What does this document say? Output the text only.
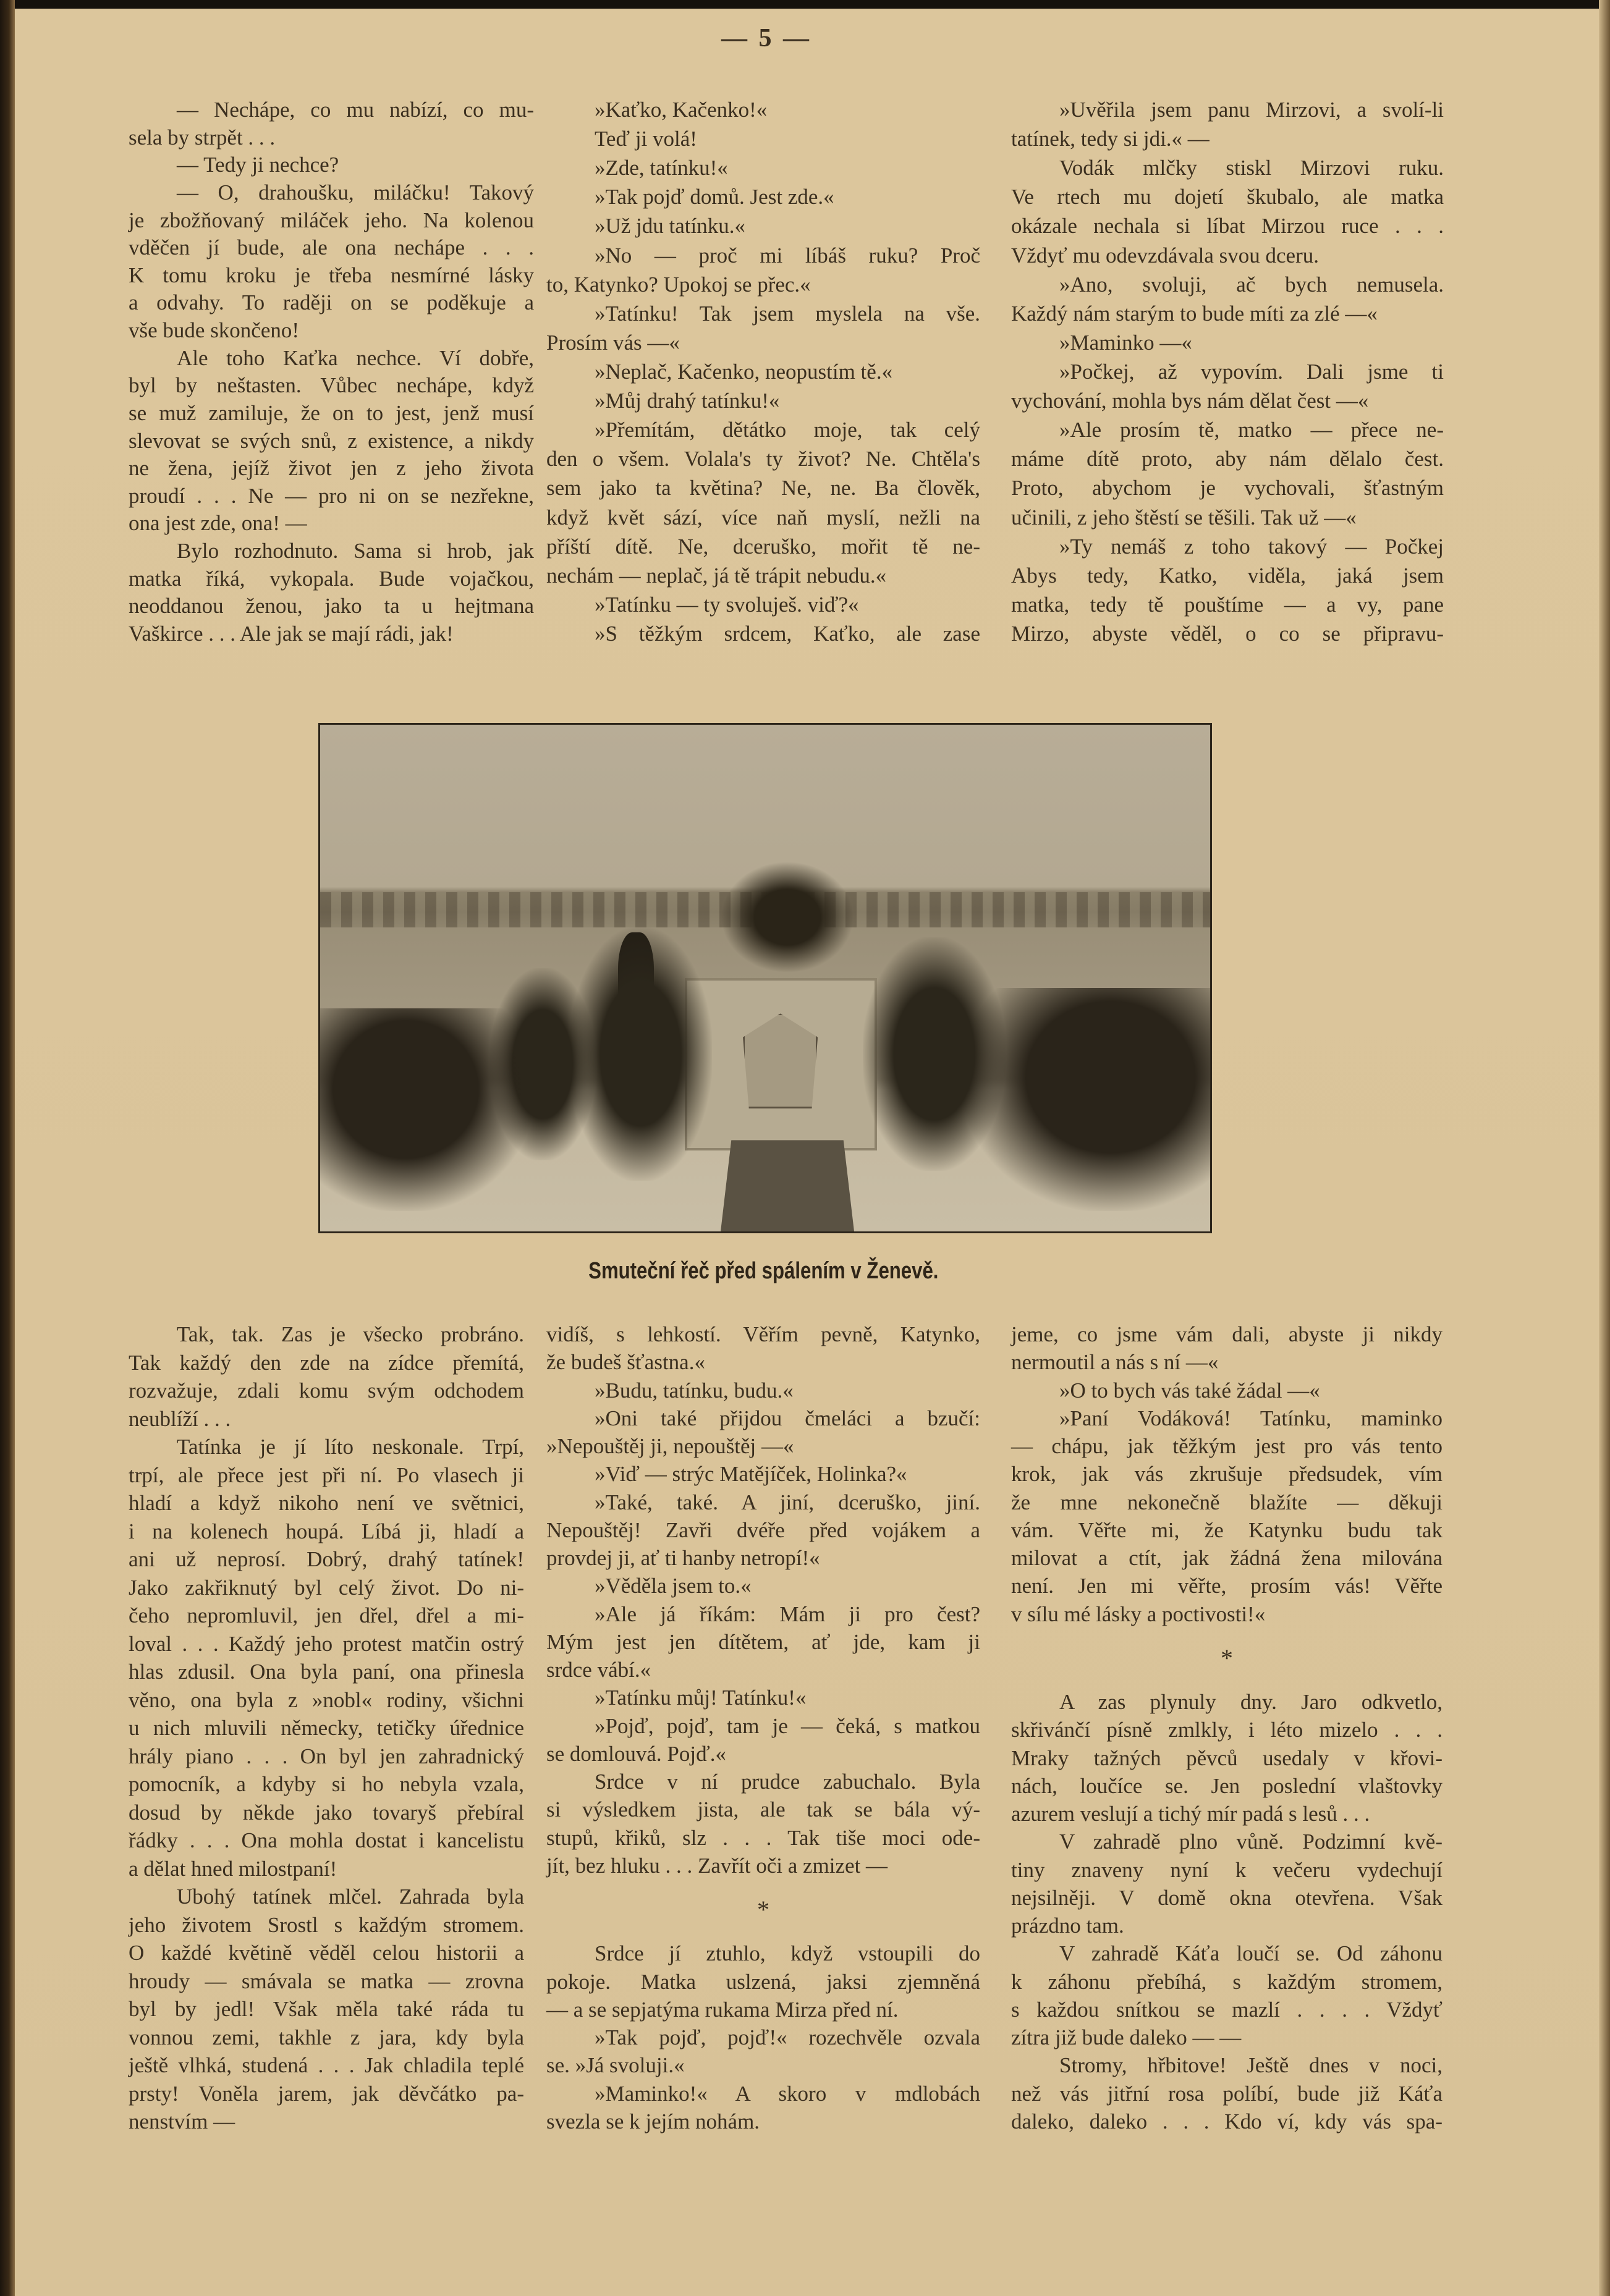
— 5 —
— Nechápe, co mu nabízí, co mu-
sela by strpět . . .
— Tedy ji nechce?
— O, drahoušku, miláčku! Takový
je zbožňovaný miláček jeho. Na kolenou
vděčen jí bude, ale ona nechápe . . .
K tomu kroku je třeba nesmírné lásky
a odvahy. To raději on se poděkuje a
vše bude skončeno!
Ale toho Kaťka nechce. Ví dobře,
byl by neštasten. Vůbec nechápe, když
se muž zamiluje, že on to jest, jenž musí
slevovat se svých snů, z existence, a nikdy
ne žena, jejíž život jen z jeho života
proudí . . . Ne — pro ni on se nezřekne,
ona jest zde, ona! —
Bylo rozhodnuto. Sama si hrob, jak
matka říká, vykopala. Bude vojačkou,
neoddanou ženou, jako ta u hejtmana
Vaškirce . . . Ale jak se mají rádi, jak!
»Kaťko, Kačenko!«
Teď ji volá!
»Zde, tatínku!«
»Tak pojď domů. Jest zde.«
»Už jdu tatínku.«
»No — proč mi líbáš ruku? Proč
to, Katynko? Upokoj se přec.«
»Tatínku! Tak jsem myslela na vše.
Prosím vás —«
»Neplač, Kačenko, neopustím tě.«
»Můj drahý tatínku!«
»Přemítám, dětátko moje, tak celý
den o všem. Volala's ty život? Ne. Chtěla's
sem jako ta květina? Ne, ne. Ba člověk,
když květ sází, více naň myslí, nežli na
příští dítě. Ne, dceruško, mořit tě ne-
nechám — neplač, já tě trápit nebudu.«
»Tatínku — ty svoluješ. viď?«
»S těžkým srdcem, Kaťko, ale zase
»Uvěřila jsem panu Mirzovi, a svolí-li
tatínek, tedy si jdi.« —
Vodák mlčky stiskl Mirzovi ruku.
Ve rtech mu dojetí škubalo, ale matka
okázale nechala si líbat Mirzou ruce . . .
Vždyť mu odevzdávala svou dceru.
»Ano, svoluji, ač bych nemusela.
Každý nám starým to bude míti za zlé —«
»Maminko —«
»Počkej, až vypovím. Dali jsme ti
vychování, mohla bys nám dělat čest —«
»Ale prosím tě, matko — přece ne-
máme dítě proto, aby nám dělalo čest.
Proto, abychom je vychovali, šťastným
učinili, z jeho štěstí se těšili. Tak už —«
»Ty nemáš z toho takový — Počkej
Abys tedy, Katko, viděla, jaká jsem
matka, tedy tě pouštíme — a vy, pane
Mirzo, abyste věděl, o co se připravu-
Smuteční řeč před spálením v Ženevě.
Tak, tak. Zas je všecko probráno.
Tak každý den zde na zídce přemítá,
rozvažuje, zdali komu svým odchodem
neublíží . . .
Tatínka je jí líto neskonale. Trpí,
trpí, ale přece jest při ní. Po vlasech ji
hladí a když nikoho není ve světnici,
i na kolenech houpá. Líbá ji, hladí a
ani už neprosí. Dobrý, drahý tatínek!
Jako zakřiknutý byl celý život. Do ni-
čeho nepromluvil, jen dřel, dřel a mi-
loval . . . Každý jeho protest matčin ostrý
hlas zdusil. Ona byla paní, ona přinesla
věno, ona byla z »nobl« rodiny, všichni
u nich mluvili německy, tetičky úřednice
hrály piano . . . On byl jen zahradnický
pomocník, a kdyby si ho nebyla vzala,
dosud by někde jako tovaryš přebíral
řádky . . . Ona mohla dostat i kancelistu
a dělat hned milostpaní!
Ubohý tatínek mlčel. Zahrada byla
jeho životem Srostl s každým stromem.
O každé květině věděl celou historii a
hroudy — smávala se matka — zrovna
byl by jedl! Však měla také ráda tu
vonnou zemi, takhle z jara, kdy byla
ještě vlhká, studená . . . Jak chladila teplé
prsty! Voněla jarem, jak děvčátko pa-
nenstvím —
vidíš, s lehkostí. Věřím pevně, Katynko,
že budeš šťastna.«
»Budu, tatínku, budu.«
»Oni také přijdou čmeláci a bzučí:
»Nepouštěj ji, nepouštěj —«
»Viď — strýc Matějíček, Holinka?«
»Také, také. A jiní, dceruško, jiní.
Nepouštěj! Zavři dvéře před vojákem a
provdej ji, ať ti hanby netropí!«
»Věděla jsem to.«
»Ale já říkám: Mám ji pro čest?
Mým jest jen dítětem, ať jde, kam ji
srdce vábí.«
»Tatínku můj! Tatínku!«
»Pojď, pojď, tam je — čeká, s matkou
se domlouvá. Pojď.«
Srdce v ní prudce zabuchalo. Byla
si výsledkem jista, ale tak se bála vý-
stupů, křiků, slz . . . Tak tiše moci ode-
jít, bez hluku . . . Zavřít oči a zmizet —
*
Srdce jí ztuhlo, když vstoupili do
pokoje. Matka uslzená, jaksi zjemněná
— a se sepjatýma rukama Mirza před ní.
»Tak pojď, pojď!« rozechvěle ozvala
se. »Já svoluji.«
»Maminko!« A skoro v mdlobách
svezla se k jejím nohám.
jeme, co jsme vám dali, abyste ji nikdy
nermoutil a nás s ní —«
»O to bych vás také žádal —«
»Paní Vodáková! Tatínku, maminko
— chápu, jak těžkým jest pro vás tento
krok, jak vás zkrušuje předsudek, vím
že mne nekonečně blažíte — děkuji
vám. Věřte mi, že Katynku budu tak
milovat a ctít, jak žádná žena milována
není. Jen mi věřte, prosím vás! Věřte
v sílu mé lásky a poctivosti!«
*
A zas plynuly dny. Jaro odkvetlo,
skřivánčí písně zmlkly, i léto mizelo . . .
Mraky tažných pěvců usedaly v křovi-
nách, loučíce se. Jen poslední vlaštovky
azurem veslují a tichý mír padá s lesů . . .
V zahradě plno vůně. Podzimní kvě-
tiny znaveny nyní k večeru vydechují
nejsilněji. V domě okna otevřena. Však
prázdno tam.
V zahradě Káťa loučí se. Od záhonu
k záhonu přebíhá, s každým stromem,
s každou snítkou se mazlí . . . . Vždyť
zítra již bude daleko — —
Stromy, hřbitove! Ještě dnes v noci,
než vás jitřní rosa políbí, bude již Káťa
daleko, daleko . . . Kdo ví, kdy vás spa-
